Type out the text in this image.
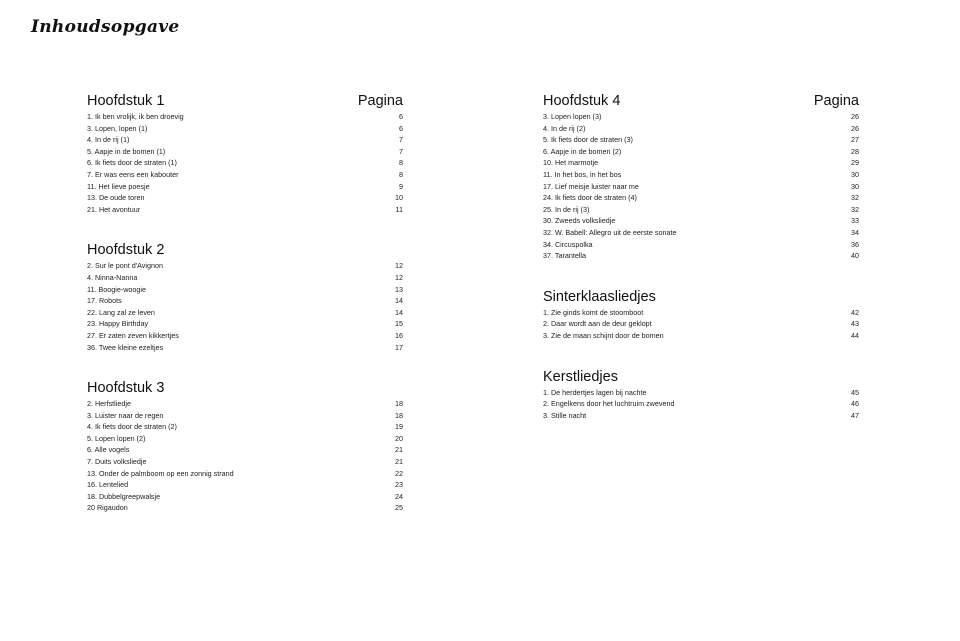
Inhoudsopgave
Hoofdstuk 1	Pagina
1. Ik ben vrolijk, ik ben droevig	6
3. Lopen, lopen (1)	6
4. In de rij (1)	7
5. Aapje in de bomen (1)	7
6. Ik fiets door de straten (1)	8
7. Er was eens een kabouter	8
11. Het lieve poesje	9
13. De oude toren	10
21. Het avontuur	11
Hoofdstuk 2
2. Sur le pont d'Avignon	12
4. Ninna-Nanna	12
11. Boogie-woogie	13
17. Robots	14
22. Lang zal ze leven	14
23. Happy Birthday	15
27. Er zaten zeven kikkertjes	16
36. Twee kleine ezeltjes	17
Hoofdstuk 3
2. Herfstliedje	18
3. Luister naar de regen	18
4. Ik fiets door de straten (2)	19
5. Lopen lopen (2)	20
6. Alle vogels	21
7. Duits volksliedje	21
13. Onder de palmboom op een zonnig strand	22
16. Lentelied	23
18. Dubbelgreepwalsje	24
20 Rigaudon	25
Hoofdstuk 4	Pagina
3. Lopen lopen (3)	26
4. In de rij (2)	26
5. Ik fiets door de straten (3)	27
6. Aapje in de bomen (2)	28
10. Het marmotje	29
11. In het bos, in het bos	30
17. Lief meisje luister naar me	30
24. Ik fiets door de straten (4)	32
25. In de rij (3)	32
30. Zweeds volksliedje	33
32. W. Babell: Allegro uit de eerste sonate	34
34. Circuspolka	36
37. Tarantella	40
Sinterklaasliedjes
1. Zie ginds komt de stoomboot	42
2. Daar wordt aan de deur geklopt	43
3. Zie de maan schijnt door de bomen	44
Kerstliedjes
1. De herdertjes lagen bij nachte	45
2. Engelkens door het luchtruim zwevend	46
3. Stille nacht	47
